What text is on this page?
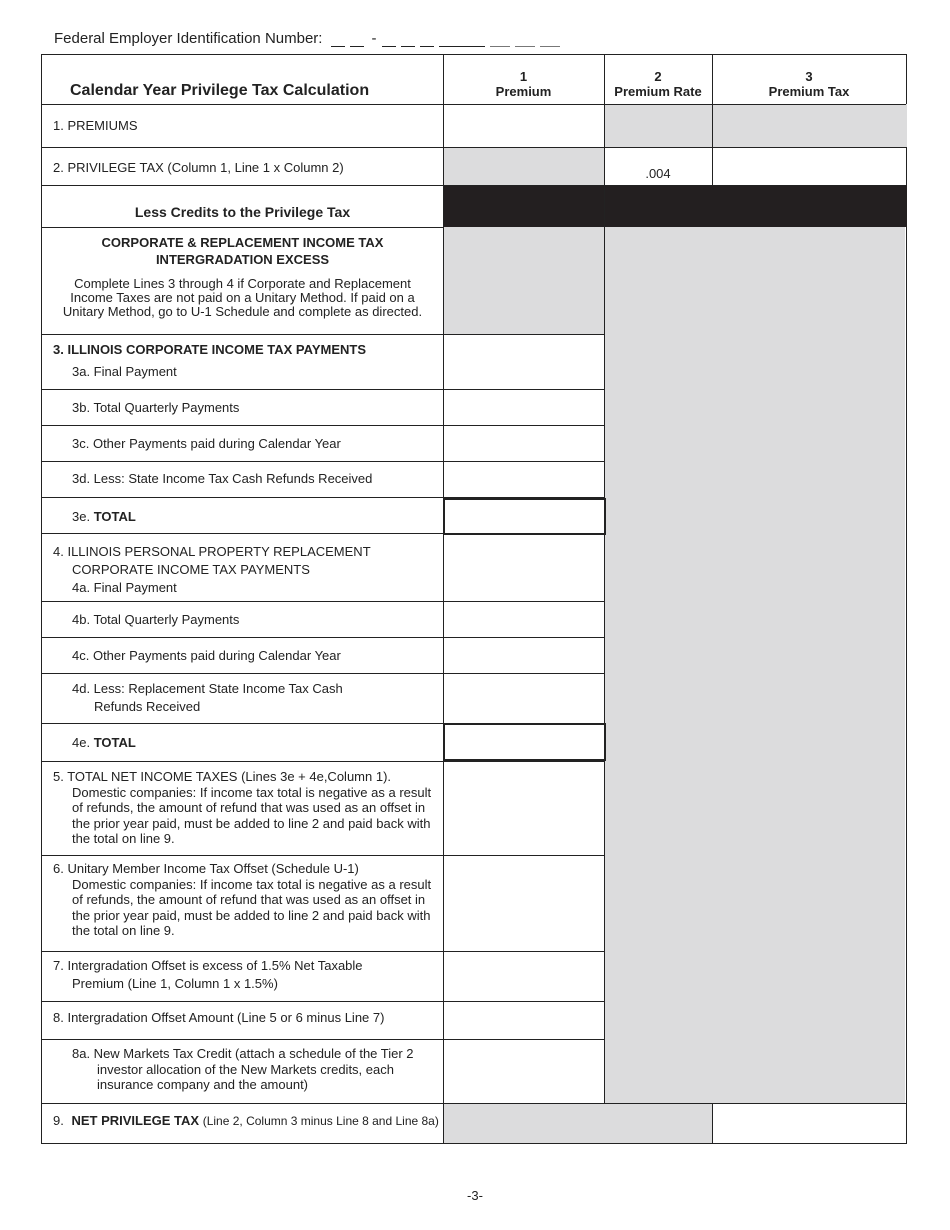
Federal Employer Identification Number:	-
Calendar Year Privilege Tax Calculation
1
Premium
2
Premium Rate
3
Premium Tax
1. PREMIUMS
2. PRIVILEGE TAX (Column 1, Line 1 x Column 2)	.004
Less Credits to the Privilege Tax
CORPORATE & REPLACEMENT INCOME TAX
INTERGRADATION EXCESS
Complete Lines 3 through 4 if Corporate and Replacement
Income Taxes are not paid on a Unitary Method. If paid on a
Unitary Method, go to U-1 Schedule and complete as directed.
3. ILLINOIS CORPORATE INCOME TAX PAYMENTS
3a. Final Payment
3b. Total Quarterly Payments
3c. Other Payments paid during Calendar Year
3d. Less: State Income Tax Cash Refunds Received
3e. TOTAL
4. ILLINOIS PERSONAL PROPERTY REPLACEMENT
CORPORATE INCOME TAX PAYMENTS
4a. Final Payment
4b. Total Quarterly Payments
4c. Other Payments paid during Calendar Year
4d. Less: Replacement State Income Tax Cash
Refunds Received
4e. TOTAL
5. TOTAL NET INCOME TAXES (Lines 3e + 4e,Column 1).
Domestic companies: If income tax total is negative as a result
of refunds, the amount of refund that was used as an offset in
the prior year paid, must be added to line 2 and paid back with
the total on line 9.
6. Unitary Member Income Tax Offset (Schedule U-1)
Domestic companies: If income tax total is negative as a result
of refunds, the amount of refund that was used as an offset in
the prior year paid, must be added to line 2 and paid back with
the total on line 9.
7. Intergradation Offset is excess of 1.5% Net Taxable
Premium (Line 1, Column 1 x 1.5%)
8. Intergradation Offset Amount (Line 5 or 6 minus Line 7)
8a. New Markets Tax Credit (attach a schedule of the Tier 2
investor allocation of the New Markets credits, each
insurance company and the amount)
9. NET PRIVILEGE TAX (Line 2, Column 3 minus Line 8 and Line 8a)
-3-
